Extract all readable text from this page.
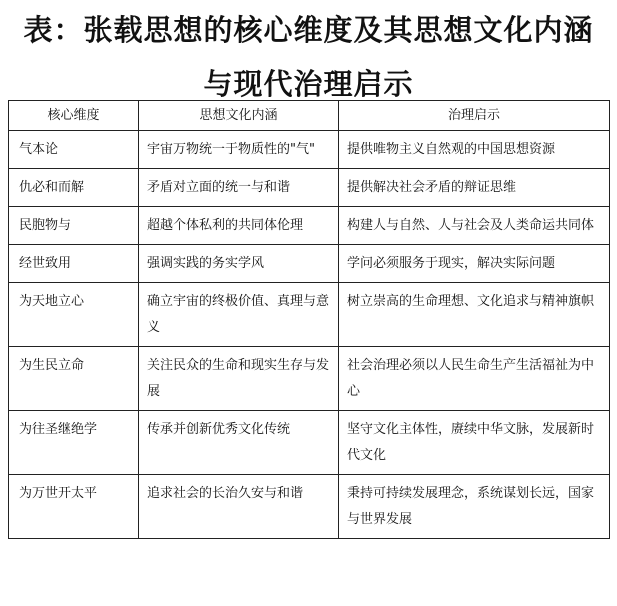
表：张载思想的核心维度及其思想文化内涵
与现代治理启示
核心维度	思想文化内涵	治理启示
气本论	宇宙万物统一于物质性的"气"	提供唯物主义自然观的中国思想资源
仇必和而解	矛盾对立面的统一与和谐	提供解决社会矛盾的辩证思维
民胞物与	超越个体私利的共同体伦理	构建人与自然、人与社会及人类命运共同体
经世致用	强调实践的务实学风	学问必须服务于现实，解决实际问题
为天地立心	确立宇宙的终极价值、真理与意义	树立崇高的生命理想、文化追求与精神旗帜
为生民立命	关注民众的生命和现实生存与发展	社会治理必须以人民生命生产生活福祉为中心
为往圣继绝学	传承并创新优秀文化传统	坚守文化主体性，赓续中华文脉，发展新时代文化
为万世开太平	追求社会的长治久安与和谐	秉持可持续发展理念，系统谋划长远，国家与世界发展
